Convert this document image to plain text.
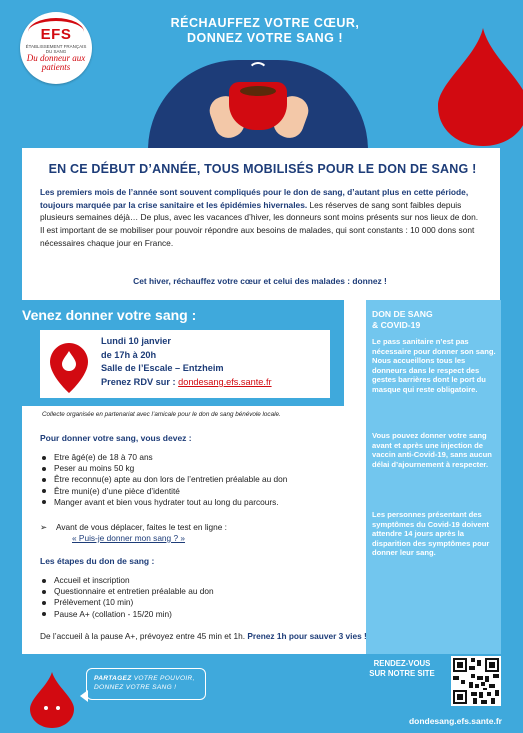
EFS
ÉTABLISSEMENT FRANÇAIS DU SANG
Du donneur aux patients
RÉCHAUFFEZ VOTRE CŒUR,
DONNEZ VOTRE SANG !
EN CE DÉBUT D’ANNÉE, TOUS MOBILISÉS POUR LE DON DE SANG !
Les premiers mois de l’année sont souvent compliqués pour le don de sang, d’autant plus en cette période, toujours marquée par la crise sanitaire et les épidémies hivernales. Les réserves de sang sont faibles depuis plusieurs semaines déjà… De plus, avec les vacances d’hiver, les donneurs sont moins présents sur nos lieux de don. Il est important de se mobiliser pour pouvoir répondre aux besoins de malades, qui sont constants : 10 000 dons sont nécessaires chaque jour en France.
Cet hiver, réchauffez votre cœur et celui des malades : donnez !
Venez donner votre sang :
Lundi 10 janvier
de 17h à 20h
Salle de l’Escale – Entzheim
Prenez RDV sur : dondesang.efs.sante.fr
DON DE SANG
& COVID-19
Le pass sanitaire n’est pas nécessaire pour donner son sang. Nous accueillons tous les donneurs dans le respect des gestes barrières dont le port du masque qui reste obligatoire.
Vous pouvez donner votre sang avant et après une injection de vaccin anti-Covid-19, sans aucun délai d’ajournement à respecter.
Les personnes présentant des symptômes du Covid-19 doivent attendre 14 jours après la disparition des symptômes pour donner leur sang.
Collecte organisée en partenariat avec l’amicale pour le don de sang bénévole locale.
Pour donner votre sang, vous devez :
Etre âgé(e) de 18 à 70 ans
Peser au moins 50 kg
Être reconnu(e) apte au don lors de l’entretien préalable au don
Être muni(e) d’une pièce d’identité
Manger avant et bien vous hydrater tout au long du parcours.
➢ Avant de vous déplacer, faites le test en ligne :
« Puis-je donner mon sang ? »
Les étapes du don de sang :
Accueil et inscription
Questionnaire et entretien préalable au don
Prélèvement (10 min)
Pause A+ (collation - 15/20 min)
De l’accueil à la pause A+, prévoyez entre 45 min et 1h. Prenez 1h pour sauver 3 vies !
PARTAGEZ VOTRE POUVOIR,
DONNEZ VOTRE SANG !
RENDEZ-VOUS
SUR NOTRE SITE
dondesang.efs.sante.fr
